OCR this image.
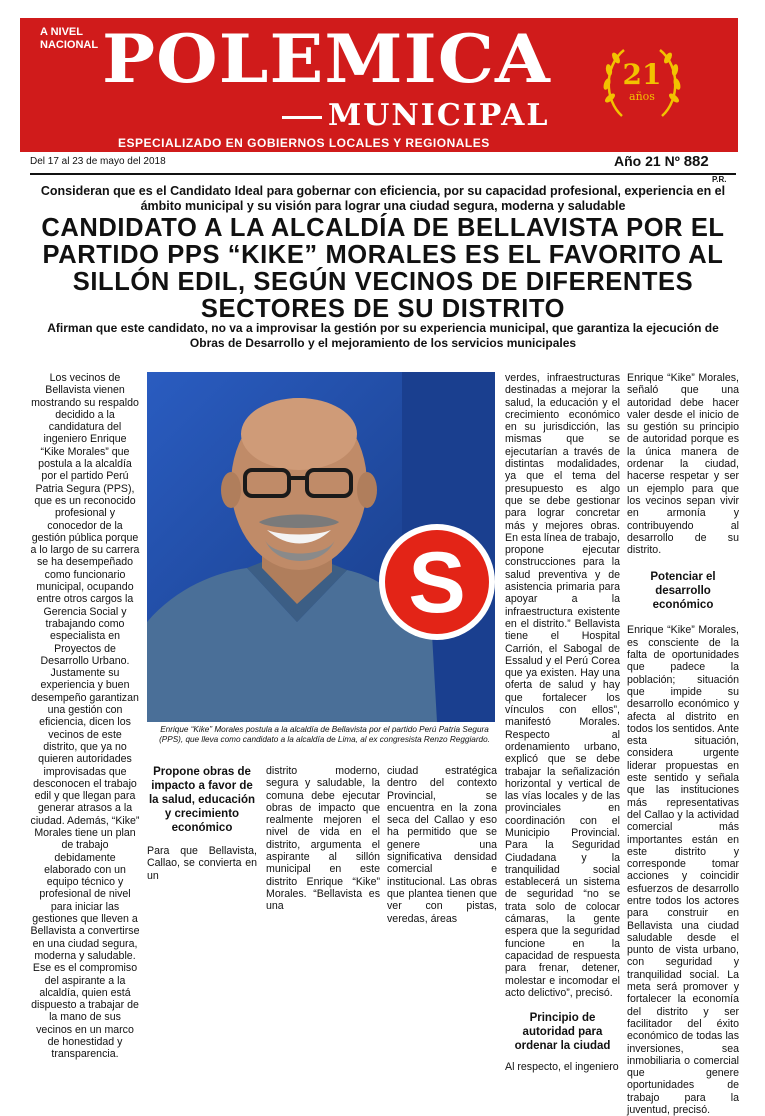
A NIVEL NACIONAL POLEMICA
MUNICIPAL
ESPECIALIZADO EN GOBIERNOS LOCALES Y REGIONALES
21
años
Del 17 al 23 de mayo del 2018	Año 21 Nº 882
P.R.
Consideran que es el Candidato Ideal para gobernar con eficiencia, por su capacidad profesional, experiencia en el ámbito municipal y su visión para lograr una ciudad segura, moderna y saludable
CANDIDATO A LA ALCALDÍA DE BELLAVISTA POR EL PARTIDO PPS “KIKE” MORALES ES EL FAVORITO AL SILLÓN EDIL, SEGÚN VECINOS DE DIFERENTES SECTORES DE SU DISTRITO
Afirman que este candidato, no va a improvisar la gestión por su experiencia municipal, que garantiza la ejecución de Obras de Desarrollo y el mejoramiento de los servicios municipales
Los vecinos de Bellavista vienen mostrando su respaldo decidido a la candidatura del ingeniero Enrique “Kike Morales” que postula a la alcaldía por el partido Perú Patria Segura (PPS), que es un reconocido profesional y conocedor de la gestión pública porque a lo largo de su carrera se ha desempeñado como funcionario municipal, ocupando entre otros cargos la Gerencia Social y trabajando como especialista en Proyectos de Desarrollo Urbano. Justamente su experiencia y buen desempeño garantizan una gestión con eficiencia, dicen los vecinos de este distrito, que ya no quieren autoridades improvisadas que desconocen el trabajo edil y que llegan para generar atrasos a la ciudad. Además, “Kike” Morales tiene un plan de trabajo debidamente elaborado con un equipo técnico y profesional de nivel para iniciar las gestiones que lleven a Bellavista a convertirse en una ciudad segura, moderna y saludable. Ese es el compromiso del aspirante a la alcaldía, quien está dispuesto a trabajar de la mano de sus vecinos en un marco de honestidad y transparencia.
S
Enrique “Kike” Morales postula a la alcaldía de Bellavista por el partido Perú Patria Segura (PPS), que lleva como candidato a la alcaldía de Lima, al ex congresista Renzo Reggiardo.
Propone obras de impacto a favor de la salud, educación y crecimiento económico
Para que Bellavista, Callao, se convierta en un
distrito moderno, segura y saludable, la comuna debe ejecutar obras de impacto que realmente mejoren el nivel de vida en el distrito, argumenta el aspirante al sillón municipal en este distrito Enrique “Kike” Morales. “Bellavista es una
ciudad estratégica dentro del contexto Provincial, se encuentra en la zona seca del Callao y eso ha permitido que se genere una significativa densidad comercial e institucional. Las obras que plantea tienen que ver con pistas, veredas, áreas
verdes, infraestructuras destinadas a mejorar la salud, la educación y el crecimiento económico en su jurisdicción, las mismas que se ejecutarían a través de distintas modalidades, ya que el tema del presupuesto es algo que se debe gestionar para lograr concretar más y mejores obras. En esta línea de trabajo, propone ejecutar construcciones para la salud preventiva y de asistencia primaria para apoyar a la infraestructura existente en el distrito.” Bellavista tiene el Hospital Carrión, el Sabogal de Essalud y el Perú Corea que ya existen. Hay una oferta de salud y hay que fortalecer los vínculos con ellos”, manifestó Morales. Respecto al ordenamiento urbano, explicó que se debe trabajar la señalización horizontal y vertical de las vías locales y de las provinciales en coordinación con el Municipio Provincial. Para la Seguridad Ciudadana y la tranquilidad social establecerá un sistema de seguridad “no se trata solo de colocar cámaras, la gente espera que la seguridad funcione en la capacidad de respuesta para frenar, detener, molestar e incomodar el acto delictivo”, precisó.
Principio de autoridad para ordenar la ciudad
Al respecto, el ingeniero
Enrique “Kike” Morales, señaló que una autoridad debe hacer valer desde el inicio de su gestión su principio de autoridad porque es la única manera de ordenar la ciudad, hacerse respetar y ser un ejemplo para que los vecinos sepan vivir en armonía y contribuyendo al desarrollo de su distrito.
Potenciar el desarrollo económico
Enrique “Kike” Morales, es consciente de la falta de oportunidades que padece la población; situación que impide su desarrollo económico y afecta al distrito en todos los sentidos. Ante esta situación, considera urgente liderar propuestas en este sentido y señala que las instituciones más representativas del Callao y la actividad comercial más importantes están en este distrito y corresponde tomar acciones y coincidir esfuerzos de desarrollo entre todos los actores para construir en Bellavista una ciudad saludable desde el punto de vista urbano, con seguridad y tranquilidad social. La meta será promover y fortalecer la economía del distrito y ser facilitador del éxito económico de todas las inversiones, sea inmobiliaria o comercial que genere oportunidades de trabajo para la juventud, precisó.
